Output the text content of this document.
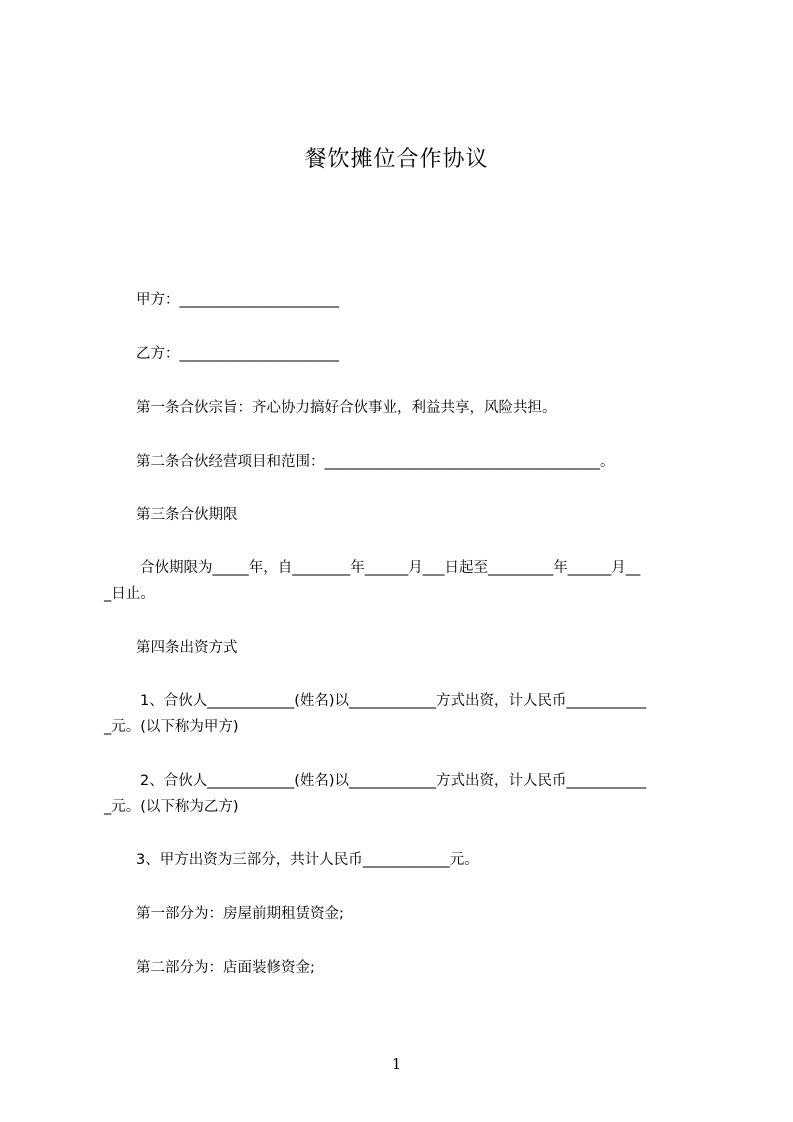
餐饮摊位合作协议
甲方：______________________
乙方：______________________
第一条合伙宗旨：齐心协力搞好合伙事业，利益共享，风险共担。
第二条合伙经营项目和范围：______________________________________。
第三条合伙期限
合伙期限为_____年，自________年______月___日起至_________年______月__
_日止。
第四条出资方式
1、合伙人____________(姓名)以____________方式出资，计人民币___________
_元。(以下称为甲方)
2、合伙人____________(姓名)以____________方式出资，计人民币___________
_元。(以下称为乙方)
3、甲方出资为三部分，共计人民币____________元。
第一部分为：房屋前期租赁资金;
第二部分为：店面装修资金;
1
